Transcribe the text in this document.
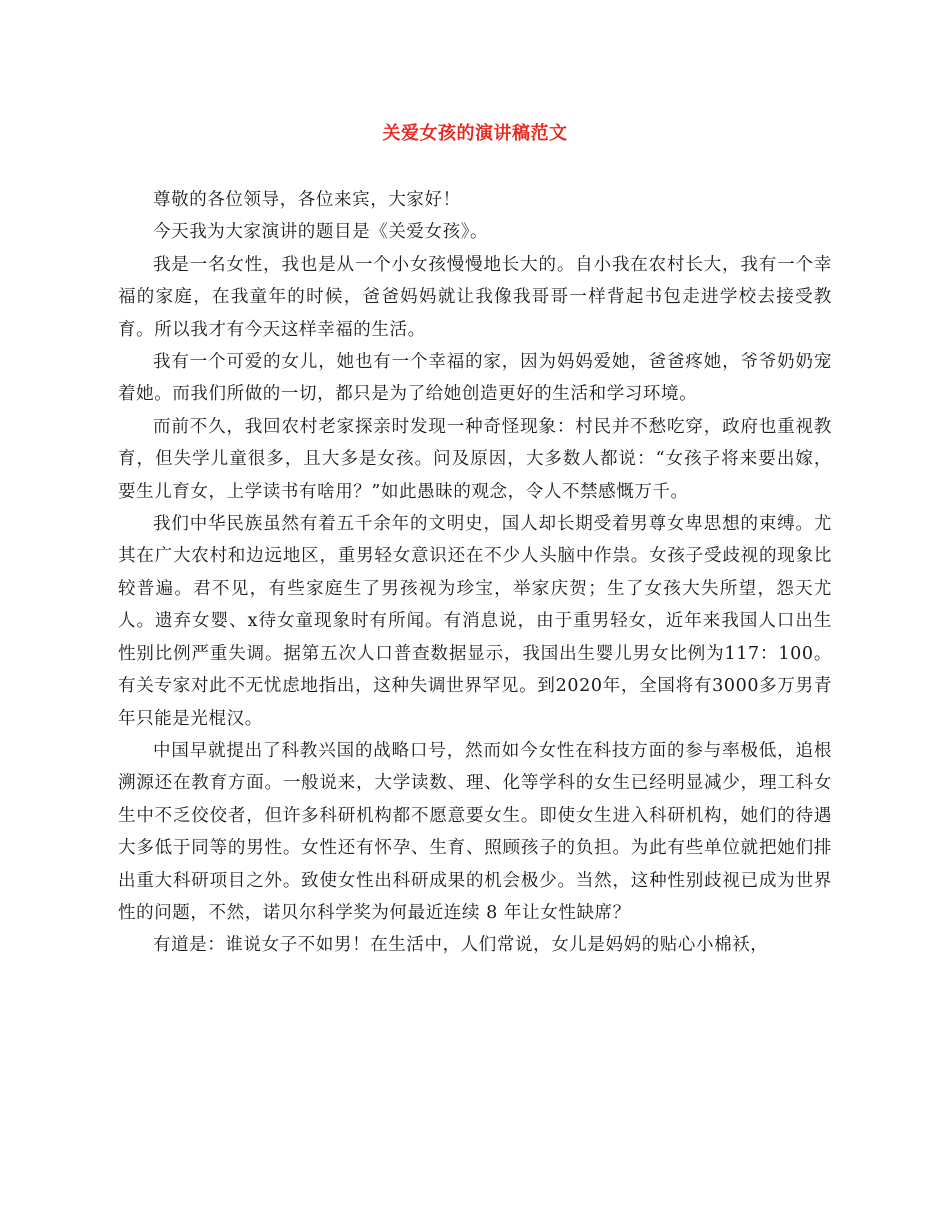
关爱女孩的演讲稿范文

尊敬的各位领导，各位来宾，大家好！

今天我为大家演讲的题目是《关爱女孩》。

我是一名女性，我也是从一个小女孩慢慢地长大的。自小我在农村长大，我有一个幸福的家庭，在我童年的时候，爸爸妈妈就让我像我哥哥一样背起书包走进学校去接受教育。所以我才有今天这样幸福的生活。

我有一个可爱的女儿，她也有一个幸福的家，因为妈妈爱她，爸爸疼她，爷爷奶奶宠着她。而我们所做的一切，都只是为了给她创造更好的生活和学习环境。

而前不久，我回农村老家探亲时发现一种奇怪现象：村民并不愁吃穿，政府也重视教育，但失学儿童很多，且大多是女孩。问及原因，大多数人都说：“女孩子将来要出嫁，要生儿育女，上学读书有啥用？”如此愚昧的观念，令人不禁感慨万千。

我们中华民族虽然有着五千余年的文明史，国人却长期受着男尊女卑思想的束缚。尤其在广大农村和边远地区，重男轻女意识还在不少人头脑中作祟。女孩子受歧视的现象比较普遍。君不见，有些家庭生了男孩视为珍宝，举家庆贺；生了女孩大失所望，怨天尤人。遗弃女婴、x待女童现象时有所闻。有消息说，由于重男轻女，近年来我国人口出生性别比例严重失调。据第五次人口普查数据显示，我国出生婴儿男女比例为117：100。有关专家对此不无忧虑地指出，这种失调世界罕见。到2020年，全国将有3000多万男青年只能是光棍汉。

中国早就提出了科教兴国的战略口号，然而如今女性在科技方面的参与率极低，追根溯源还在教育方面。一般说来，大学读数、理、化等学科的女生已经明显减少，理工科女生中不乏佼佼者，但许多科研机构都不愿意要女生。即使女生进入科研机构，她们的待遇大多低于同等的男性。女性还有怀孕、生育、照顾孩子的负担。为此有些单位就把她们排出重大科研项目之外。致使女性出科研成果的机会极少。当然，这种性别歧视已成为世界性的问题，不然，诺贝尔科学奖为何最近连续 8 年让女性缺席？

有道是：谁说女子不如男！在生活中，人们常说，女儿是妈妈的贴心小棉袄，
